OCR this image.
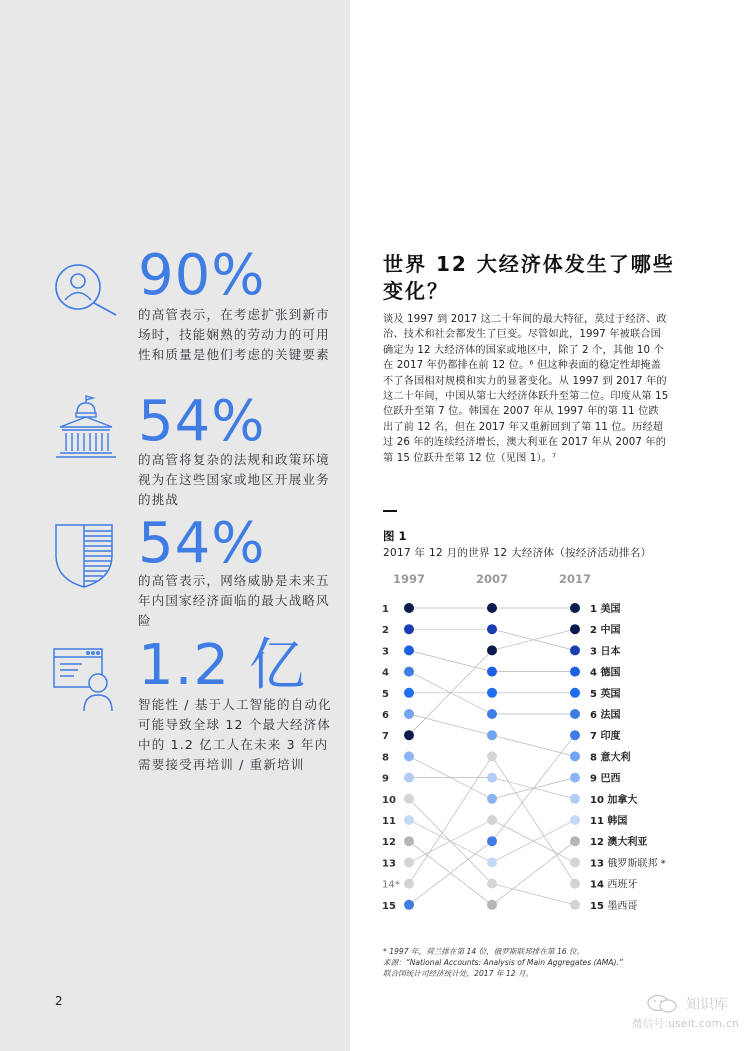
90%
的高管表示，在考虑扩张到新市场时，技能娴熟的劳动力的可用性和质量是他们考虑的关键要素
54%
的高管将复杂的法规和政策环境视为在这些国家或地区开展业务的挑战
54%
的高管表示，网络威胁是未来五年内国家经济面临的最大战略风险
1.2 亿
智能性 / 基于人工智能的自动化可能导致全球 12 个最大经济体中的 1.2 亿工人在未来 3 年内需要接受再培训 / 重新培训
2
世界 12 大经济体发生了哪些变化？
谈及 1997 到 2017 这二十年间的最大特征，莫过于经济、政治、技术和社会都发生了巨变。尽管如此，1997 年被联合国确定为 12 大经济体的国家或地区中，除了 2 个，其他 10 个在 2017 年仍都排在前 12 位。⁶ 但这种表面的稳定性却掩盖不了各国相对规模和实力的显著变化。从 1997 到 2017 年的这二十年间，中国从第七大经济体跃升至第二位。印度从第 15 位跃升至第 7 位。韩国在 2007 年从 1997 年的第 11 位跌出了前 12 名，但在 2017 年又重新回到了第 11 位。历经超过 26 年的连续经济增长，澳大利亚在 2017 年从 2007 年的第 15 位跃升至第 12 位（见图 1）。⁷
图 1
2017 年 12 月的世界 12 大经济体（按经济活动排名）
1997	2007	2017
1
2
3
4
5
6
7
8
9
10
11
12
13
14*
15
1 美国
2 中国
3 日本
4 德国
5 英国
6 法国
7 印度
8 意大利
9 巴西
10 加拿大
11 韩国
12 澳大利亚
13 俄罗斯联邦 *
14 西班牙
15 墨西哥
* 1997 年，荷兰排在第 14 位，俄罗斯联邦排在第 16 位。
来源：“National Accounts: Analysis of Main Aggregates (AMA).”
联合国统计司经济统计处，2017 年 12 月。
知识库
微信号:useit.com.cn
